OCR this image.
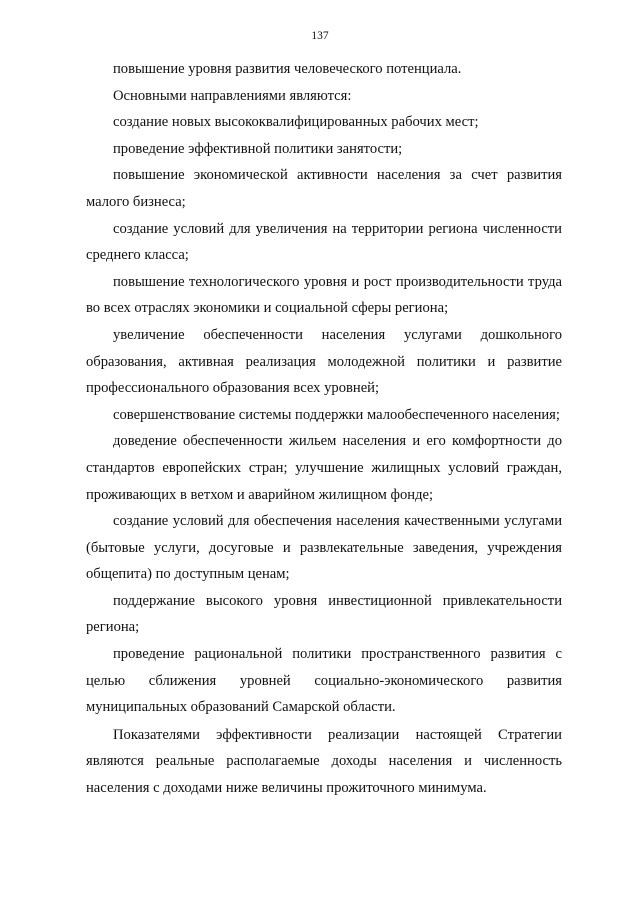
137

повышение уровня развития человеческого потенциала.

Основными направлениями являются:

создание новых высококвалифицированных рабочих мест;

проведение эффективной политики занятости;

повышение экономической активности населения за счет развития малого бизнеса;

создание условий для увеличения на территории региона численности среднего класса;

повышение технологического уровня и рост производительности труда во всех отраслях экономики и социальной сферы региона;

увеличение обеспеченности населения услугами дошкольного образования, активная реализация молодежной политики и развитие профессионального образования всех уровней;

совершенствование системы поддержки малообеспеченного населения;

доведение обеспеченности жильем населения и его комфортности до стандартов европейских стран; улучшение жилищных условий граждан, проживающих в ветхом и аварийном жилищном фонде;

создание условий для обеспечения населения качественными услугами (бытовые услуги, досуговые и развлекательные заведения, учреждения общепита) по доступным ценам;

поддержание высокого уровня инвестиционной привлекательности региона;

проведение рациональной политики пространственного развития с целью сближения уровней социально-экономического развития муниципальных образований Самарской области.

Показателями эффективности реализации настоящей Стратегии являются реальные располагаемые доходы населения и численность населения с доходами ниже величины прожиточного минимума.
